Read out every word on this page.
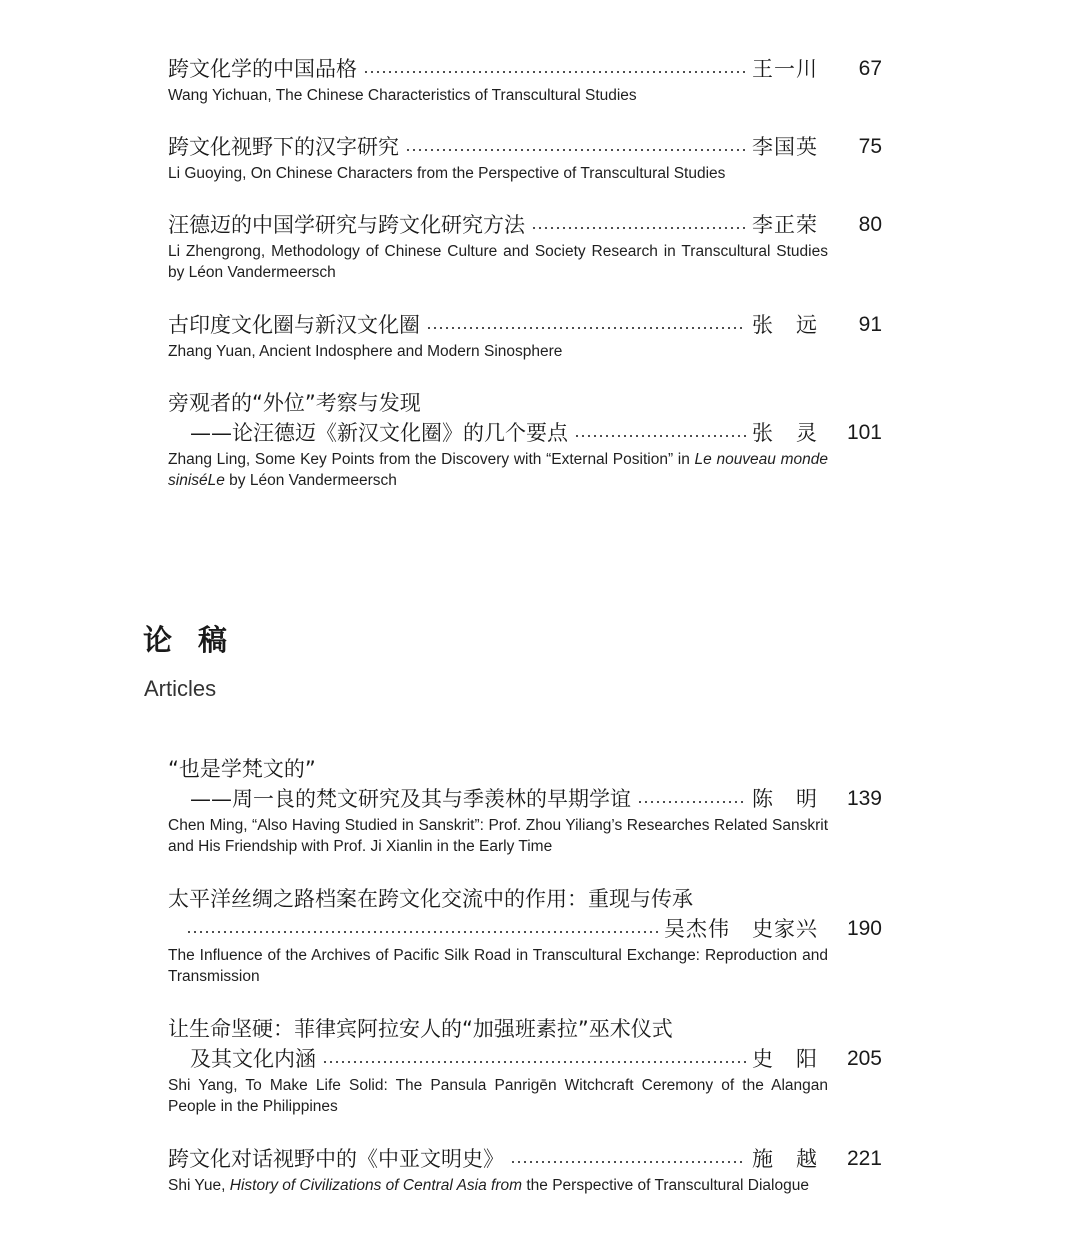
跨文化学的中国品格	王一川	67
Wang Yichuan, The Chinese Characteristics of Transcultural Studies
跨文化视野下的汉字研究	李国英	75
Li Guoying, On Chinese Characters from the Perspective of Transcultural Studies
汪德迈的中国学研究与跨文化研究方法	李正荣	80
Li Zhengrong, Methodology of Chinese Culture and Society Research in Transcultural Studies by Léon Vandermeersch
古印度文化圈与新汉文化圈	张　远	91
Zhang Yuan, Ancient Indosphere and Modern Sinosphere
旁观者的“外位”考察与发现
——论汪德迈《新汉文化圈》的几个要点	张　灵	101
Zhang Ling, Some Key Points from the Discovery with “External Position” in Le nouveau monde siniséLe by Léon Vandermeersch
论稿
Articles
“也是学梵文的”
——周一良的梵文研究及其与季羡林的早期学谊	陈　明	139
Chen Ming, “Also Having Studied in Sanskrit”: Prof. Zhou Yiliang’s Researches Related Sanskrit and His Friendship with Prof. Ji Xianlin in the Early Time
太平洋丝绸之路档案在跨文化交流中的作用：重现与传承
吴杰伟　史家兴	190
The Influence of the Archives of Pacific Silk Road in Transcultural Exchange: Reproduction and Transmission
让生命坚硬：菲律宾阿拉安人的“加强班素拉”巫术仪式
及其文化内涵	史　阳	205
Shi Yang, To Make Life Solid: The Pansula Panrigēn Witchcraft Ceremony of the Alangan People in the Philippines
跨文化对话视野中的《中亚文明史》	施　越	221
Shi Yue, History of Civilizations of Central Asia from the Perspective of Transcultural Dialogue
